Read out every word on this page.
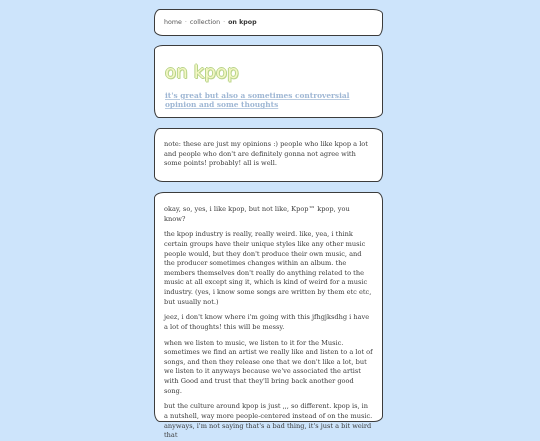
home · collection · on kpop
on kpop
it's great but also a sometimes controversial opinion and some thoughts

note: these are just my opinions :) people who like kpop a lot and people who don't are definitely gonna not agree with some points! probably! all is well.

okay, so, yes, i like kpop, but not like, Kpop™ kpop, you know?

the kpop industry is really, really weird. like, yea, i think certain groups have their unique styles like any other music people would, but they don't produce their own music, and the producer sometimes changes within an album. the members themselves don't really do anything related to the music at all except sing it, which is kind of weird for a music industry. (yes, i know some songs are written by them etc etc, but usually not.)

jeez, i don't know where i'm going with this jfhgjksdhg i have a lot of thoughts! this will be messy.

when we listen to music, we listen to it for the Music. sometimes we find an artist we really like and listen to a lot of songs, and then they release one that we don't like a lot, but we listen to it anyways because we've associated the artist with Good and trust that they'll bring back another good song.

but the culture around kpop is just ,,, so different. kpop is, in a nutshell, way more people-centered instead of on the music. anyways, i'm not saying that's a bad thing, it's just a bit weird that
